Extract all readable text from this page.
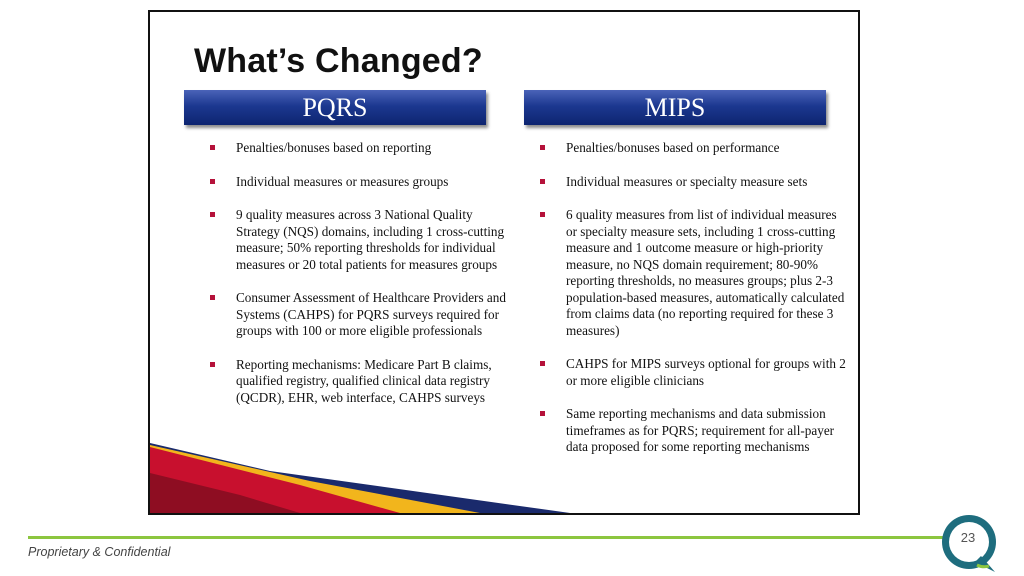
What’s Changed?
PQRS	MIPS
Penalties/bonuses based on reporting
Individual measures or measures groups
9 quality measures across 3 National Quality Strategy (NQS) domains, including 1 cross-cutting measure; 50% reporting thresholds for individual measures or 20 total patients for measures groups
Consumer Assessment of Healthcare Providers and Systems (CAHPS) for PQRS surveys required for groups with 100 or more eligible professionals
Reporting mechanisms: Medicare Part B claims, qualified registry, qualified clinical data registry (QCDR), EHR, web interface, CAHPS surveys
Penalties/bonuses based on performance
Individual measures or specialty measure sets
6 quality measures from list of individual measures or specialty measure sets, including 1 cross-cutting measure and 1 outcome measure or high-priority measure, no NQS domain requirement; 80-90% reporting thresholds, no measures groups; plus 2-3 population-based measures, automatically calculated from claims data (no reporting required for these 3 measures)
CAHPS for MIPS surveys optional for groups with 2 or more eligible clinicians
Same reporting mechanisms and data submission timeframes as for PQRS; requirement for all-payer data proposed for some reporting mechanisms
Proprietary & Confidential
23
